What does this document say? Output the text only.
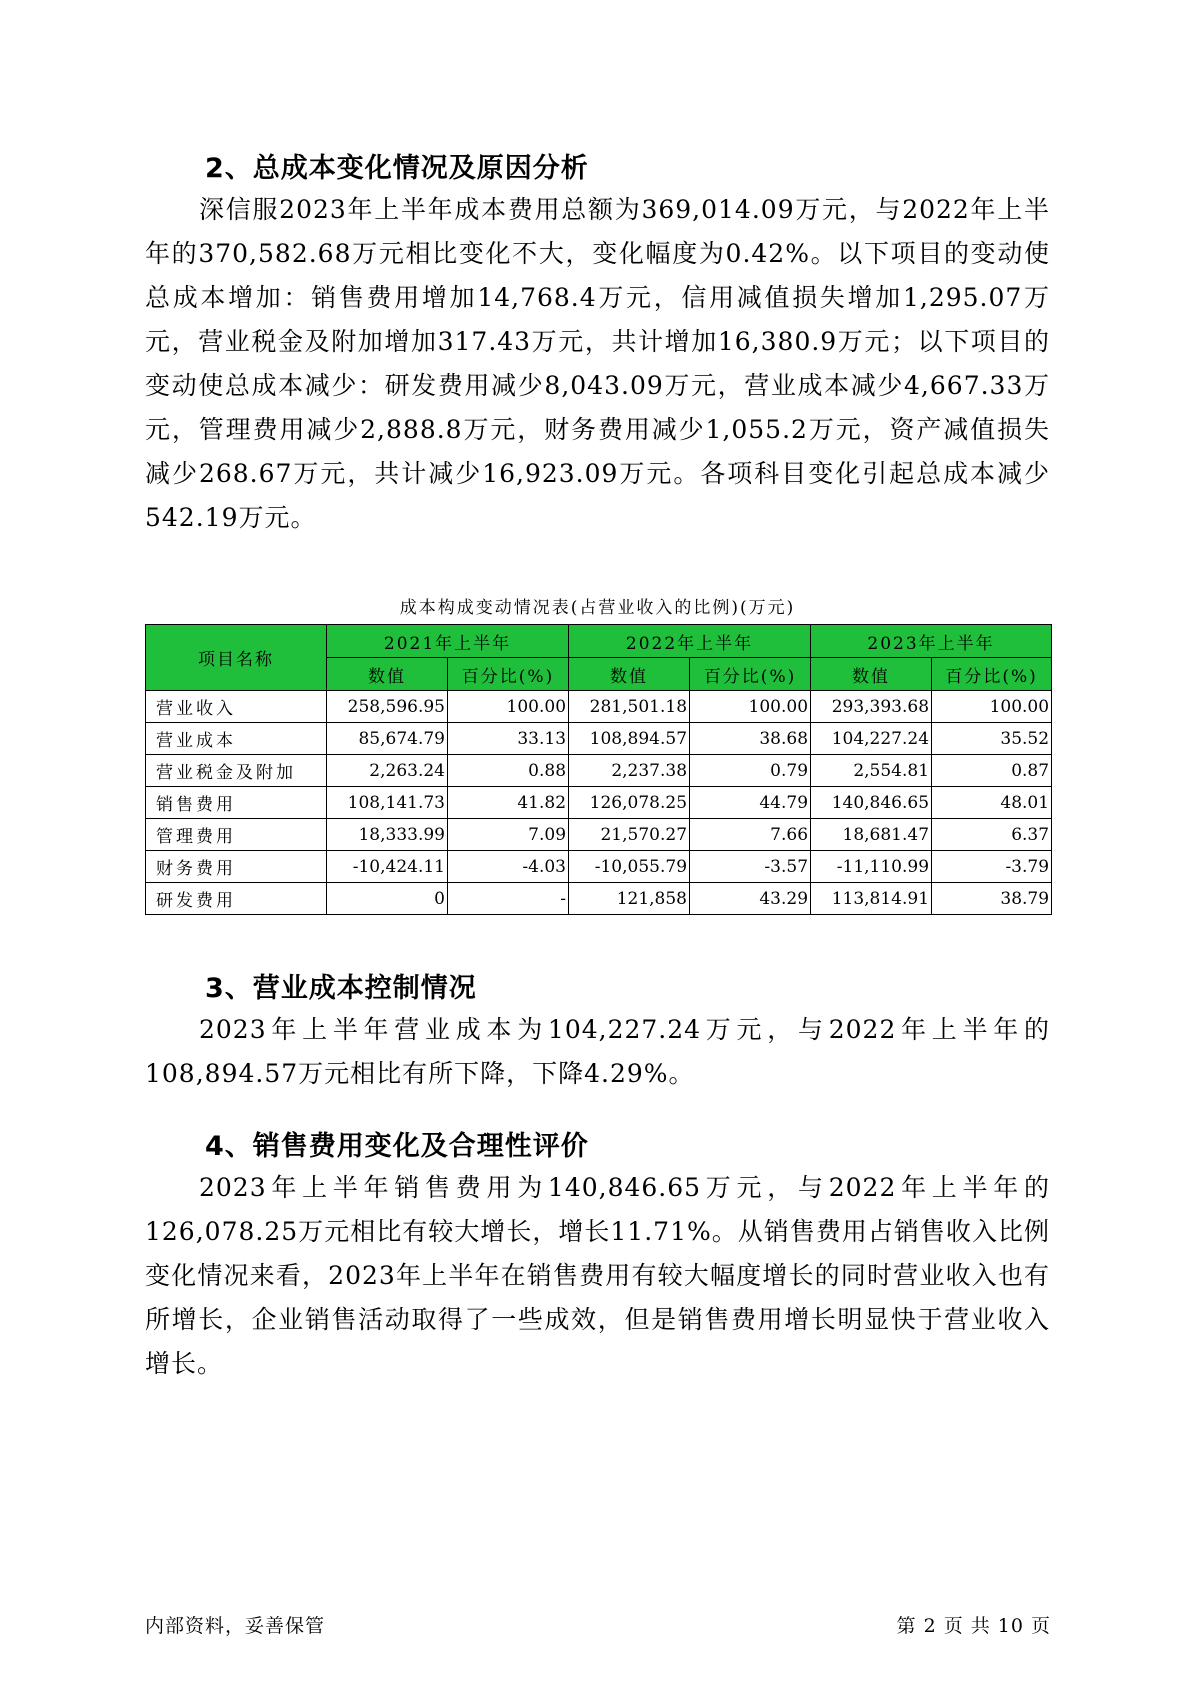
2、总成本变化情况及原因分析

深信服2023年上半年成本费用总额为369,014.09万元，与2022年上半年的370,582.68万元相比变化不大，变化幅度为0.42%。以下项目的变动使总成本增加：销售费用增加14,768.4万元，信用减值损失增加1,295.07万元，营业税金及附加增加317.43万元，共计增加16,380.9万元；以下项目的变动使总成本减少：研发费用减少8,043.09万元，营业成本减少4,667.33万元，管理费用减少2,888.8万元，财务费用减少1,055.2万元，资产减值损失减少268.67万元，共计减少16,923.09万元。各项科目变化引起总成本减少542.19万元。

成本构成变动情况表(占营业收入的比例)(万元)

项目名称	2021年上半年		2022年上半年		2023年上半年	
	数值	百分比(%)	数值	百分比(%)	数值	百分比(%)
营业收入	258,596.95	100.00	281,501.18	100.00	293,393.68	100.00
营业成本	85,674.79	33.13	108,894.57	38.68	104,227.24	35.52
营业税金及附加	2,263.24	0.88	2,237.38	0.79	2,554.81	0.87
销售费用	108,141.73	41.82	126,078.25	44.79	140,846.65	48.01
管理费用	18,333.99	7.09	21,570.27	7.66	18,681.47	6.37
财务费用	-10,424.11	-4.03	-10,055.79	-3.57	-11,110.99	-3.79
研发费用	0	-	121,858	43.29	113,814.91	38.79
3、营业成本控制情况

2023年上半年营业成本为104,227.24万元，与2022年上半年的108,894.57万元相比有所下降，下降4.29%。

4、销售费用变化及合理性评价

2023年上半年销售费用为140,846.65万元，与2022年上半年的126,078.25万元相比有较大增长，增长11.71%。从销售费用占销售收入比例变化情况来看，2023年上半年在销售费用有较大幅度增长的同时营业收入也有所增长，企业销售活动取得了一些成效，但是销售费用增长明显快于营业收入增长。

内部资料，妥善保管	第 2 页 共 10 页
